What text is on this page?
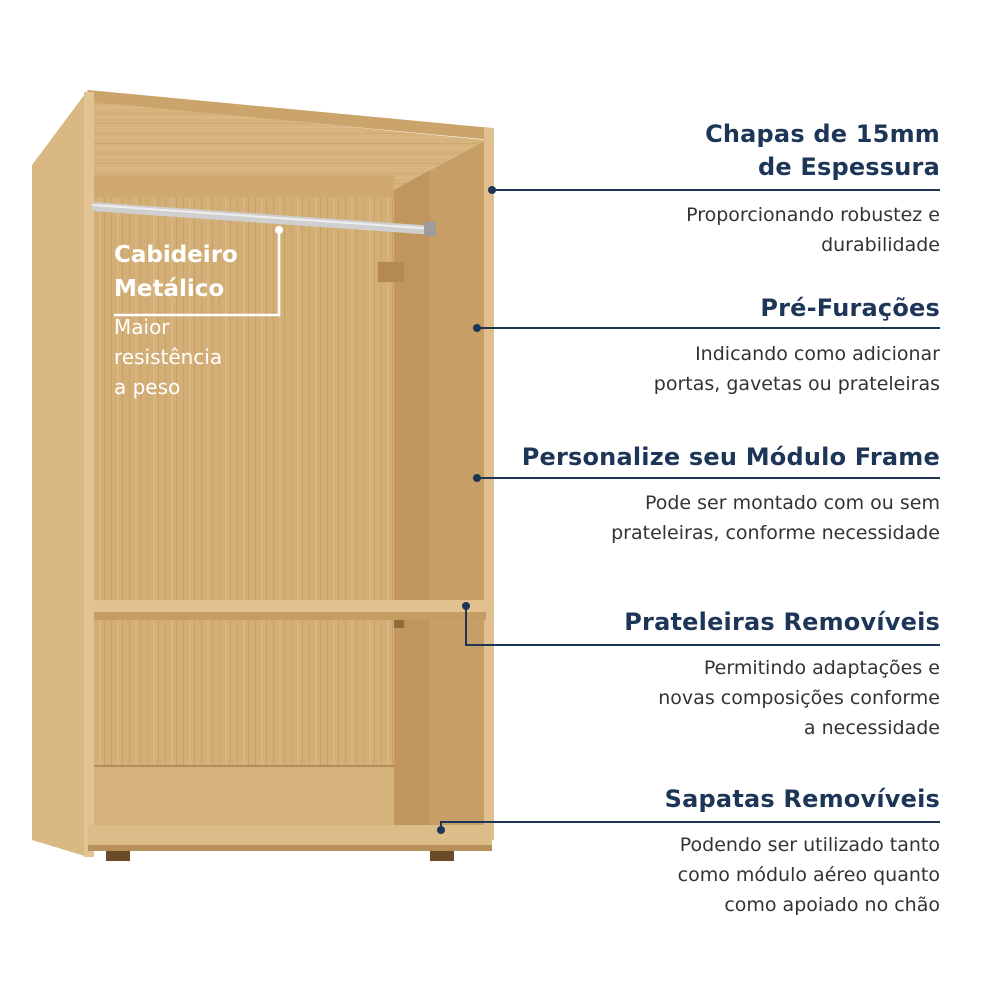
Cabideiro
Metálico
Maior
resistência
a peso
Chapas de 15mm
de Espessura
Proporcionando robustez e
durabilidade
Pré-Furações
Indicando como adicionar
portas, gavetas ou prateleiras
Personalize seu Módulo Frame
Pode ser montado com ou sem
prateleiras, conforme necessidade
Prateleiras Removíveis
Permitindo adaptações e
novas composições conforme
a necessidade
Sapatas Removíveis
Podendo ser utilizado tanto
como módulo aéreo quanto
como apoiado no chão
